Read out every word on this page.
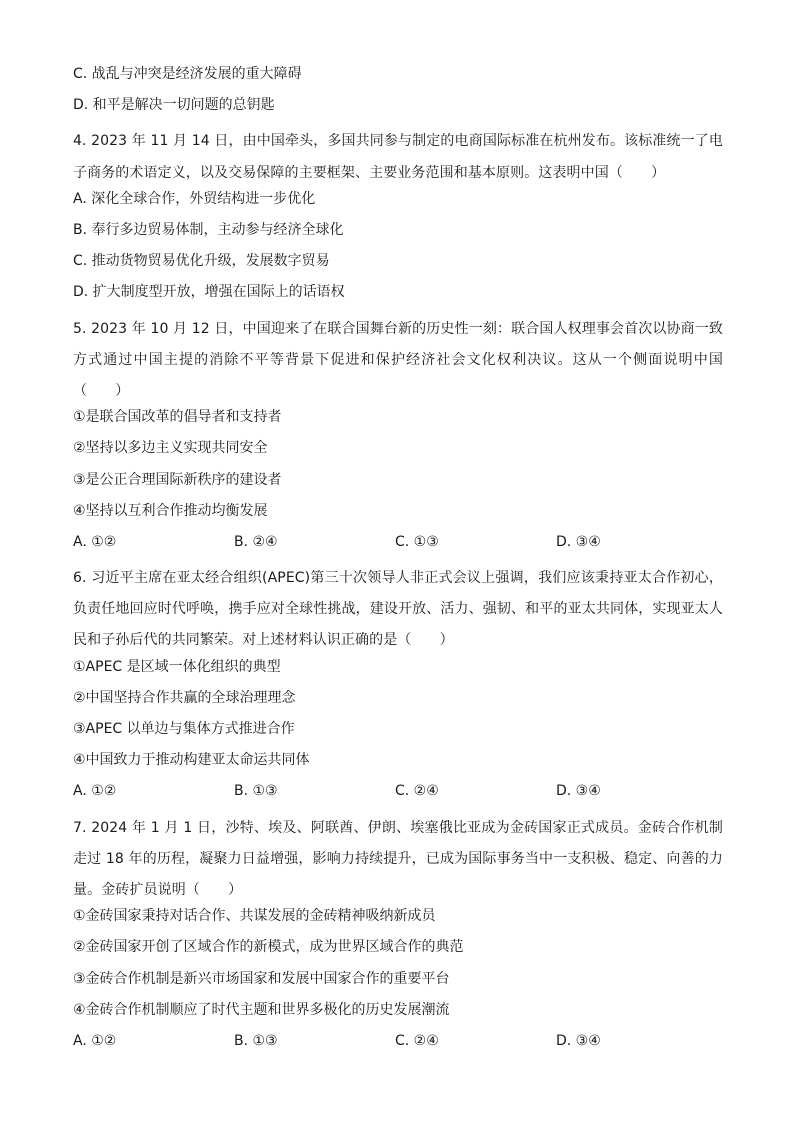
C. 战乱与冲突是经济发展的重大障碍
D. 和平是解决一切问题的总钥匙
4. 2023 年 11 月 14 日，由中国牵头，多国共同参与制定的电商国际标准在杭州发布。该标准统一了电子商务的术语定义，以及交易保障的主要框架、主要业务范围和基本原则。这表明中国（　　）
A. 深化全球合作，外贸结构进一步优化
B. 奉行多边贸易体制，主动参与经济全球化
C. 推动货物贸易优化升级，发展数字贸易
D. 扩大制度型开放，增强在国际上的话语权
5. 2023 年 10 月 12 日，中国迎来了在联合国舞台新的历史性一刻：联合国人权理事会首次以协商一致方式通过中国主提的消除不平等背景下促进和保护经济社会文化权利决议。这从一个侧面说明中国（　　）
①是联合国改革的倡导者和支持者
②坚持以多边主义实现共同安全
③是公正合理国际新秩序的建设者
④坚持以互利合作推动均衡发展
A. ①②	B. ②④	C. ①③	D. ③④
6. 习近平主席在亚太经合组织(APEC)第三十次领导人非正式会议上强调，我们应该秉持亚太合作初心，负责任地回应时代呼唤，携手应对全球性挑战，建设开放、活力、强韧、和平的亚太共同体，实现亚太人民和子孙后代的共同繁荣。对上述材料认识正确的是（　　）
①APEC 是区域一体化组织的典型
②中国坚持合作共赢的全球治理理念
③APEC 以单边与集体方式推进合作
④中国致力于推动构建亚太命运共同体
A. ①②	B. ①③	C. ②④	D. ③④
7. 2024 年 1 月 1 日，沙特、埃及、阿联酋、伊朗、埃塞俄比亚成为金砖国家正式成员。金砖合作机制走过 18 年的历程，凝聚力日益增强，影响力持续提升，已成为国际事务当中一支积极、稳定、向善的力量。金砖扩员说明（　　）
①金砖国家秉持对话合作、共谋发展的金砖精神吸纳新成员
②金砖国家开创了区域合作的新模式，成为世界区域合作的典范
③金砖合作机制是新兴市场国家和发展中国家合作的重要平台
④金砖合作机制顺应了时代主题和世界多极化的历史发展潮流
A. ①②	B. ①③	C. ②④	D. ③④
